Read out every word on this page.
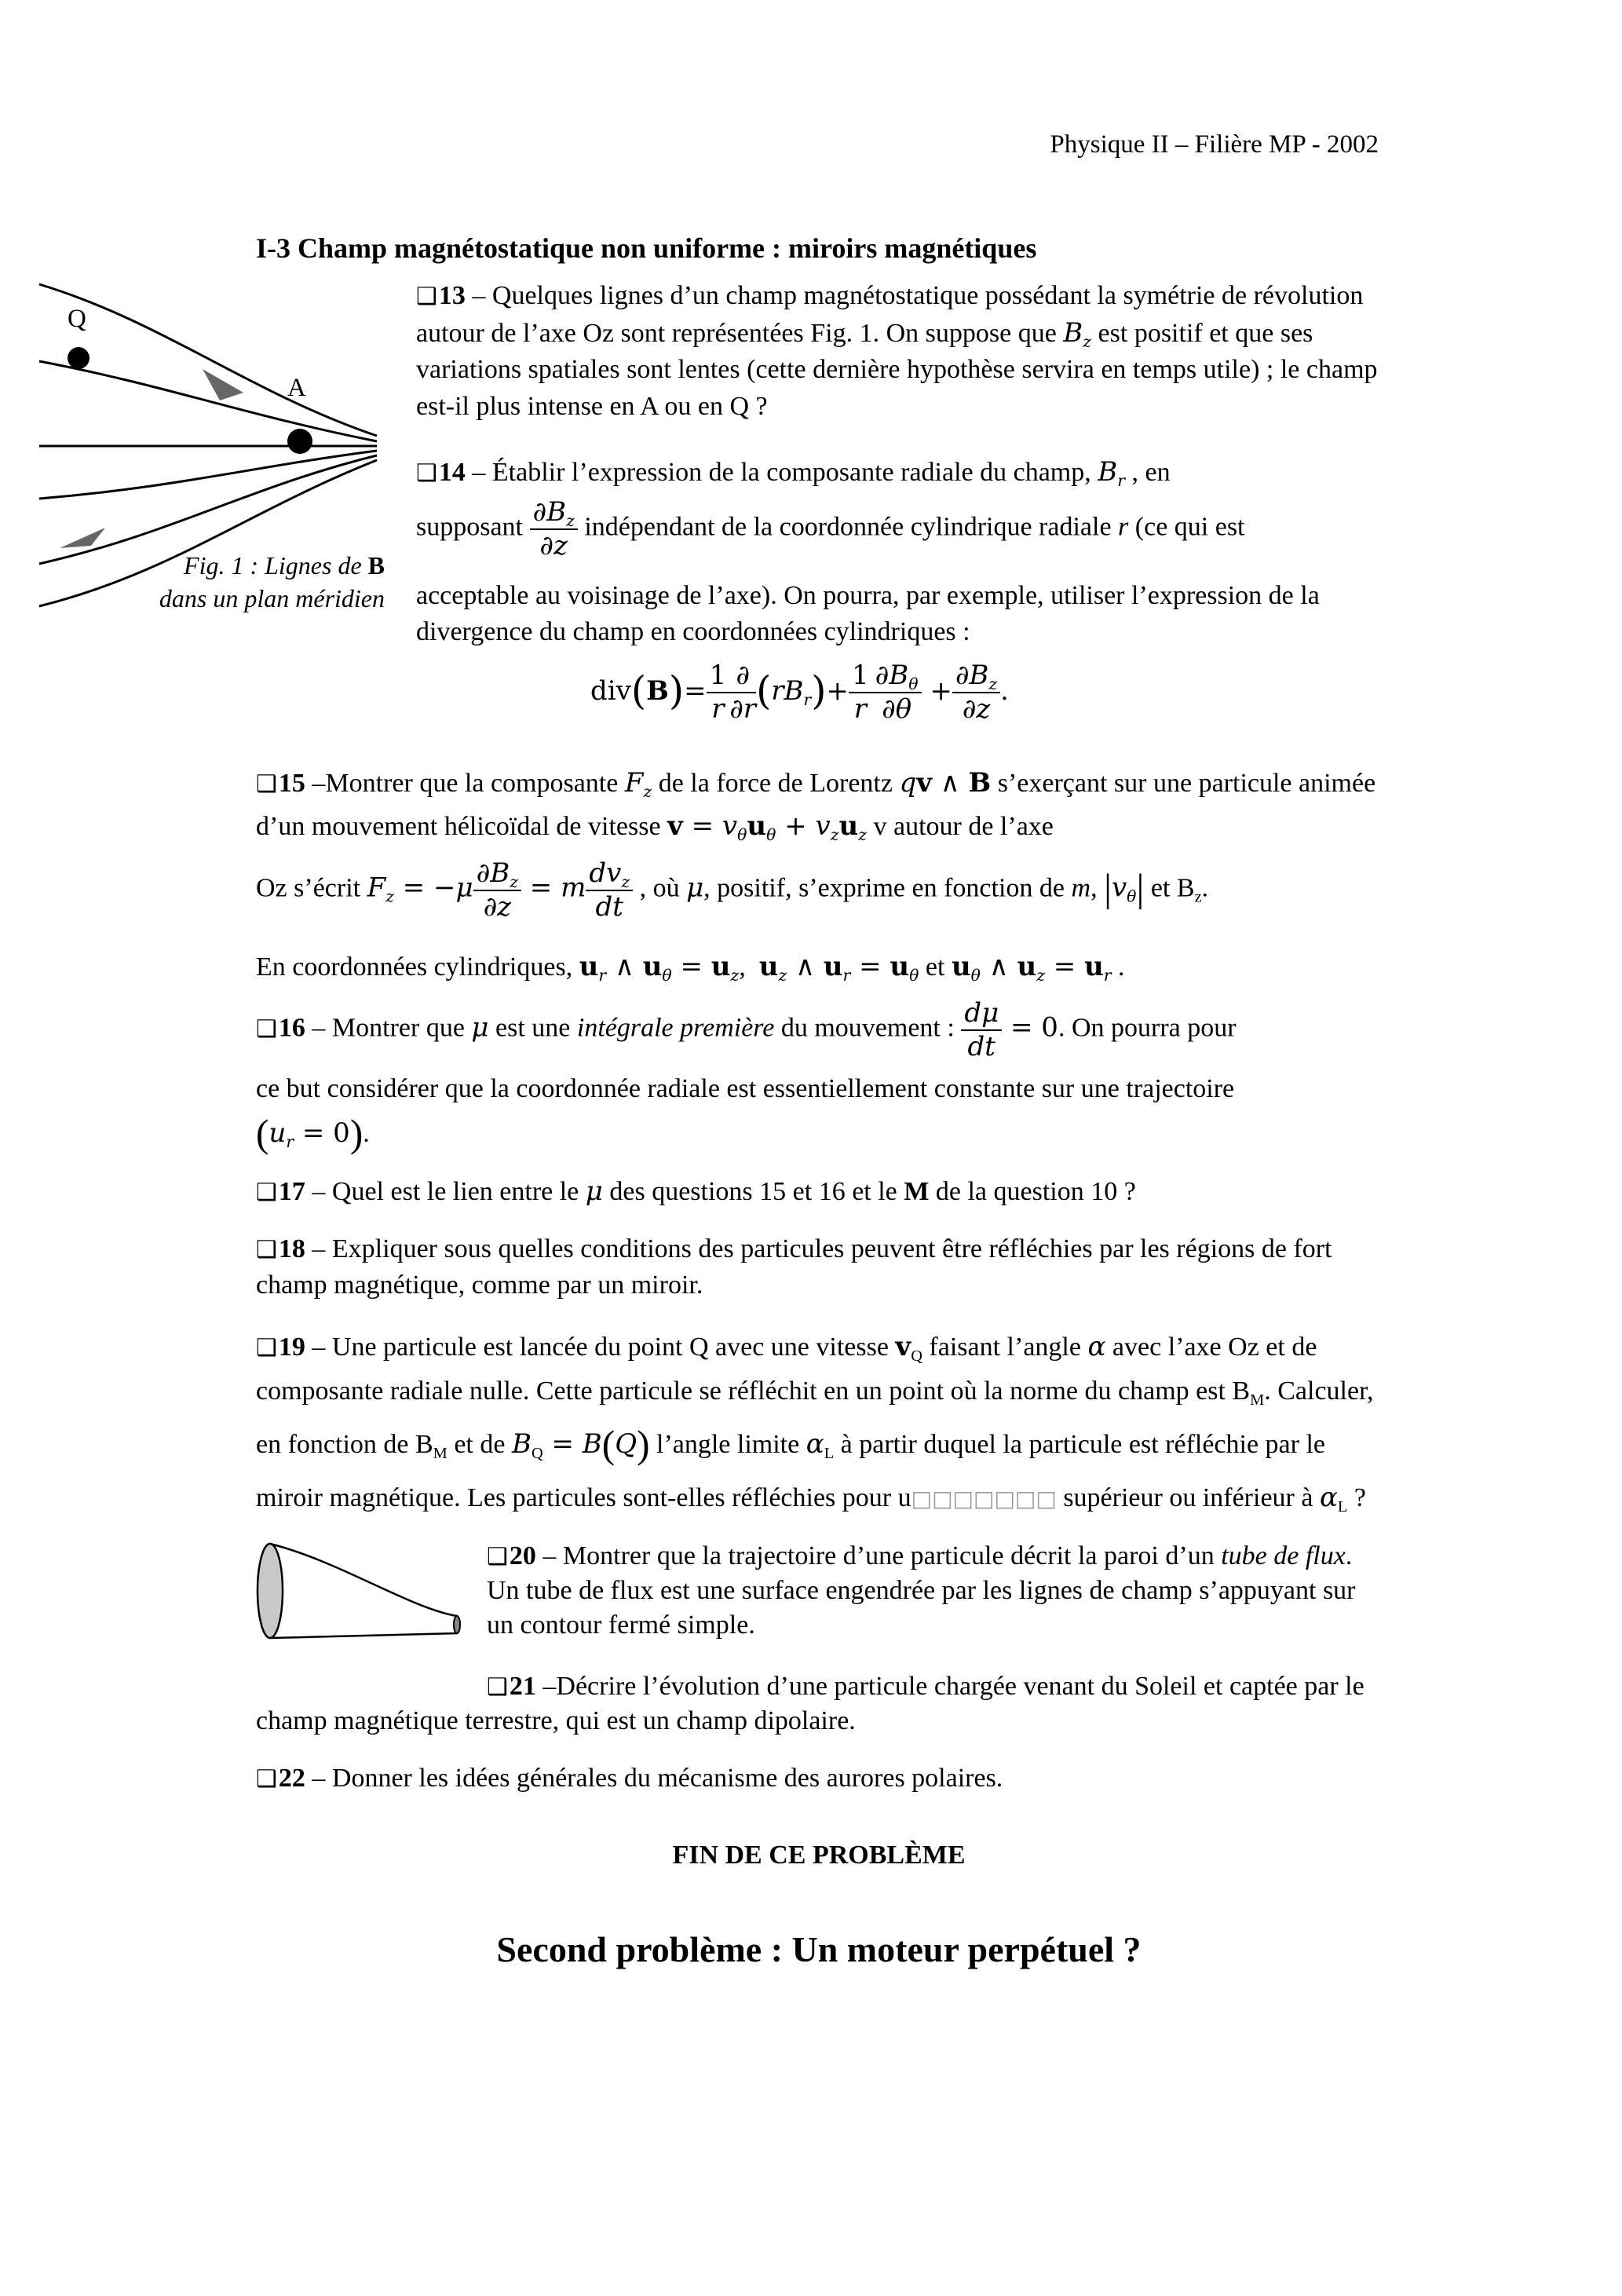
Physique II – Filière MP - 2002
I-3 Champ magnétostatique non uniforme : miroirs magnétiques
Q
A
Fig. 1 : Lignes de B
dans un plan méridien

❑13 – Quelques lignes d’un champ magnétostatique possédant la symétrie de révolution autour de l’axe Oz sont représentées Fig. 1. On suppose que $B_z$ est positif et que ses variations spatiales sont lentes (cette dernière hypothèse servira en temps utile) ; le champ est-il plus intense en A ou en Q ?

❑14 – Établir l’expression de la composante radiale du champ, $B_r$ , en

supposant $\frac{\partial B_z}{\partial z}$ indépendant de la coordonnée cylindrique radiale r (ce qui est

acceptable au voisinage de l’axe). On pourra, par exemple, utiliser l’expression de la divergence du champ en coordonnées cylindriques :

$div(B)= \frac{1}{r} \frac{\partial}{\partial r} (rB_r)+ \frac{1}{r} \frac{\partial B_\theta}{\partial\theta} + \frac{\partial B_z}{\partial z}$ .

❑15 –Montrer que la composante $F_z$ de la force de Lorentz qv ∧ B s’exerçant sur une particule animée d’un mouvement hélicoïdal de vitesse $v = v_\theta u_\theta + v_zu_z$ v autour de l’axe

Oz s’écrit $F_z = -\mu \frac{\partial B_z}{\partial z} = m \frac{dv_z}{dt}$ , où μ, positif, s’exprime en fonction de m, $|v_\theta|$ et $B_z$.
En coordonnées cylindriques, $u_r$ ∧ $u_\theta = u_z$,  $u_z$ ∧ $u_r = u_\theta$ et $u_\theta$ ∧ $u_z = u_r$ .
❑16 – Montrer que μ est une intégrale première du mouvement : $\frac{d\mu}{dt} = 0$. On pourra pour

ce but considérer que la coordonnée radiale est essentiellement constante sur une trajectoire
$(u_r = 0)$.

❑17 – Quel est le lien entre le μ des questions 15 et 16 et le M de la question 10 ?

❑18 – Expliquer sous quelles conditions des particules peuvent être réfléchies par les régions de fort champ magnétique, comme par un miroir.

❑19 – Une particule est lancée du point Q avec une vitesse $v_Q$ faisant l’angle α avec l’axe Oz et de composante radiale nulle. Cette particule se réfléchit en un point où la norme du champ est $B_M$. Calculer, en fonction de $B_M$ et de $B_Q = B(Q)$ l’angle limite $\alpha_L$ à partir duquel la particule est réfléchie par le miroir magnétique. Les particules sont-elles réfléchies pour u□□□□□□□ supérieur ou inférieur à $\alpha_L$ ?

❑20 – Montrer que la trajectoire d’une particule décrit la paroi d’un tube de flux. Un tube de flux est une surface engendrée par les lignes de champ s’appuyant sur un contour fermé simple.

❑21 –Décrire l’évolution d’une particule chargée venant du Soleil et captée par le champ magnétique terrestre, qui est un champ dipolaire.

❑22 – Donner les idées générales du mécanisme des aurores polaires.

FIN DE CE PROBLÈME
Second problème : Un moteur perpétuel ?
